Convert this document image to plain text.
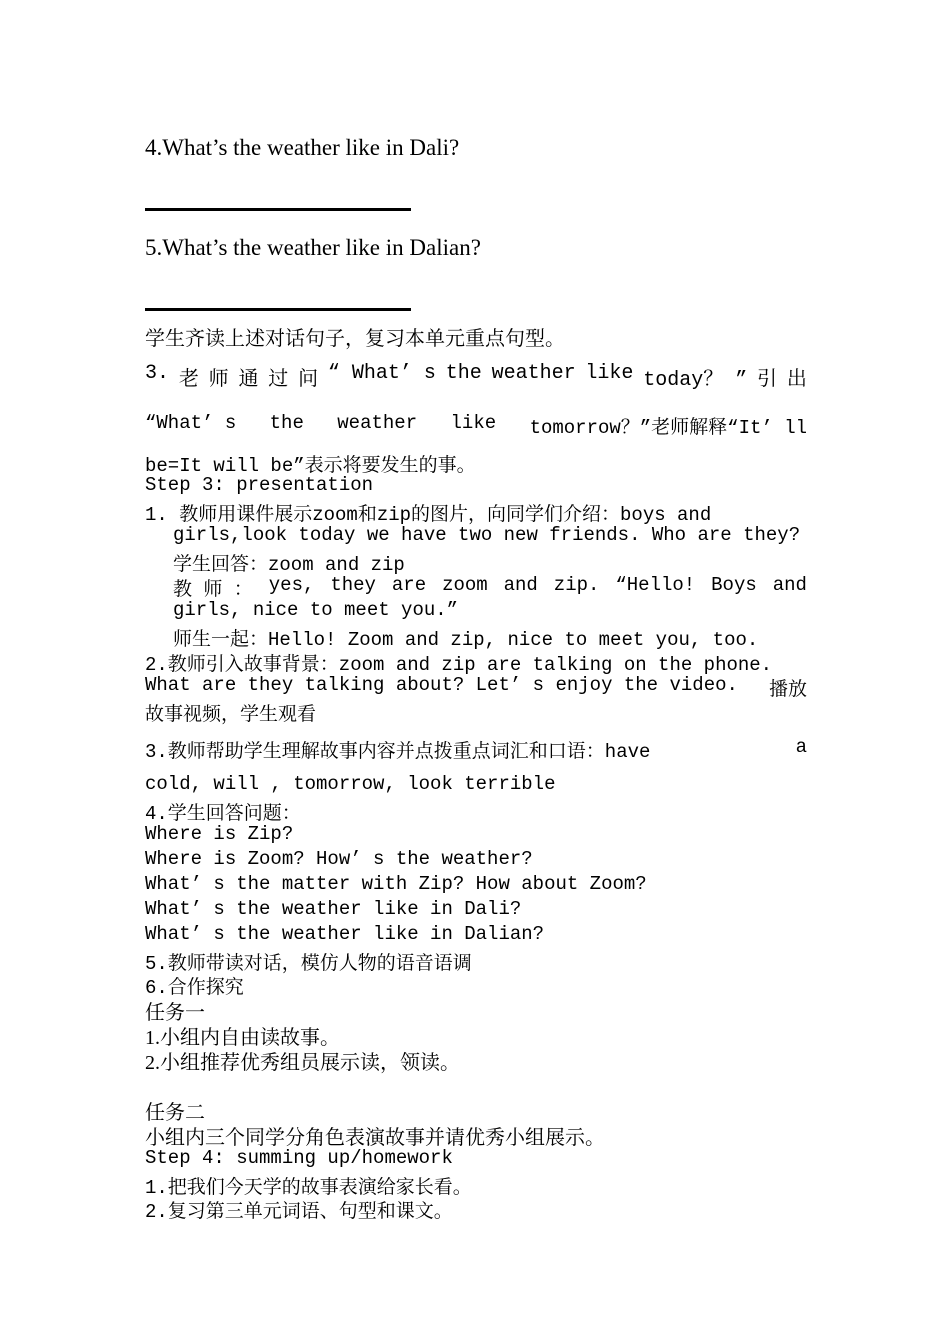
4.What’s the weather like in Dali?
5.What’s the weather like in Dalian?
学生齐读上述对话句子，复习本单元重点句型。
3. 老 师 通 过 问 “ What’ s the weather like today？ ” 引 出
“What’ s the weather like tomorrow？”老师解释“It’ ll
be=It will be”表示将要发生的事。
Step 3: presentation
1. 教师用课件展示zoom和zip的图片，向同学们介绍：boys and
girls,look today we have two new friends. Who are they?
学生回答：zoom and zip
教 师 ： yes, they are zoom and zip. “Hello! Boys and
girls, nice to meet you.”
师生一起：Hello! Zoom and zip, nice to meet you, too.
2.教师引入故事背景：zoom and zip are talking on the phone.
What are they talking about? Let’ s enjoy the video. 播放
故事视频，学生观看
3.教师帮助学生理解故事内容并点拨重点词汇和口语：have	a
cold, will , tomorrow, look terrible
4.学生回答问题：
Where is Zip?
Where is Zoom? How’ s the weather?
What’ s the matter with Zip? How about Zoom?
What’ s the weather like in Dali?
What’ s the weather like in Dalian?
5.教师带读对话，模仿人物的语音语调
6.合作探究
任务一
1.小组内自由读故事。
2.小组推荐优秀组员展示读，领读。
任务二
小组内三个同学分角色表演故事并请优秀小组展示。
Step 4: summing up/homework
1.把我们今天学的故事表演给家长看。
2.复习第三单元词语、句型和课文。
